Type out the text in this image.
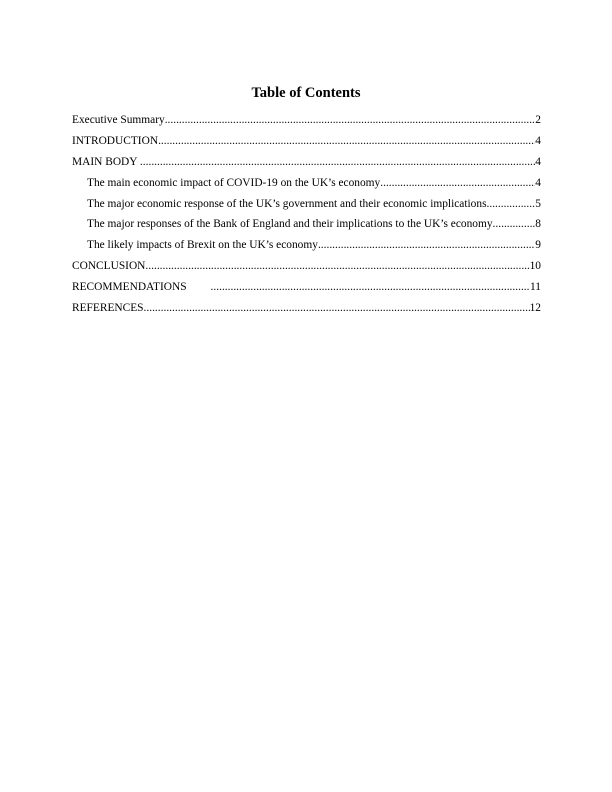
Table of Contents
Executive Summary .....	2
INTRODUCTION .....	4
MAIN BODY .....	4
The main economic impact of COVID-19 on the UK’s economy .....	4
The major economic response of the UK’s government and their economic implications .....	5
The major responses of the Bank of England and their implications to the UK’s economy .....	8
The likely impacts of Brexit on the UK’s economy .....	9
CONCLUSION .....	10
RECOMMENDATIONS .....	11
REFERENCES .....	12
